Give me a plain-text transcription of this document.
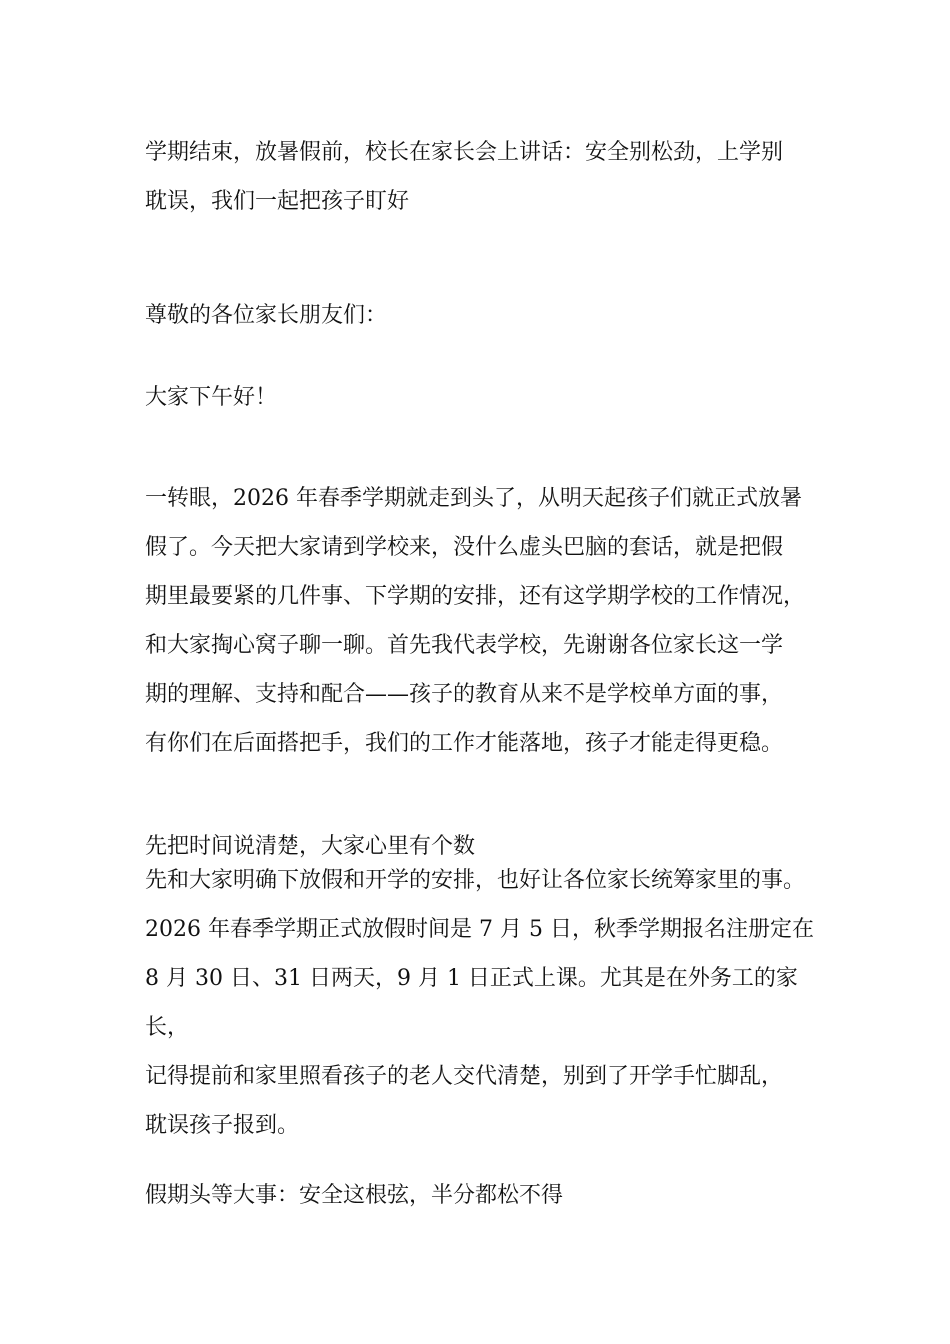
学期结束，放暑假前，校长在家长会上讲话：安全别松劲，上学别
耽误，我们一起把孩子盯好

尊敬的各位家长朋友们：

大家下午好！

一转眼，2026 年春季学期就走到头了，从明天起孩子们就正式放暑
假了。今天把大家请到学校来，没什么虚头巴脑的套话，就是把假
期里最要紧的几件事、下学期的安排，还有这学期学校的工作情况，
和大家掏心窝子聊一聊。首先我代表学校，先谢谢各位家长这一学
期的理解、支持和配合——孩子的教育从来不是学校单方面的事，
有你们在后面搭把手，我们的工作才能落地，孩子才能走得更稳。

先把时间说清楚，大家心里有个数

先和大家明确下放假和开学的安排，也好让各位家长统筹家里的事。
2026 年春季学期正式放假时间是 7 月 5 日，秋季学期报名注册定在
8 月 30 日、31 日两天，9 月 1 日正式上课。尤其是在外务工的家长，
记得提前和家里照看孩子的老人交代清楚，别到了开学手忙脚乱，
耽误孩子报到。

假期头等大事：安全这根弦，半分都松不得
